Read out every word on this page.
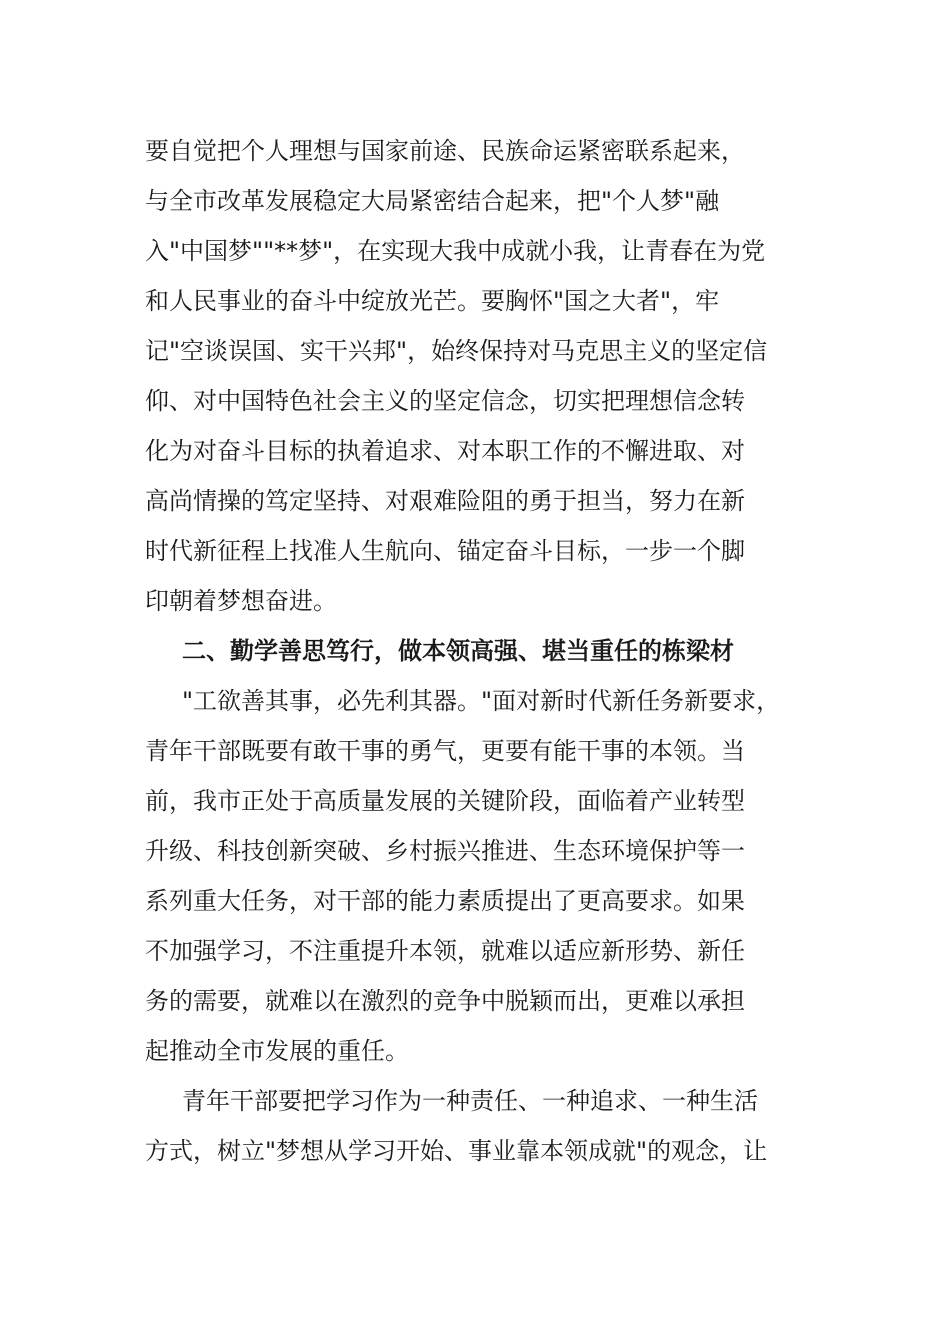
要自觉把个人理想与国家前途、民族命运紧密联系起来，
与全市改革发展稳定大局紧密结合起来，把"个人梦"融
入"中国梦""**梦"，在实现大我中成就小我，让青春在为党
和人民事业的奋斗中绽放光芒。要胸怀"国之大者"，牢
记"空谈误国、实干兴邦"，始终保持对马克思主义的坚定信
仰、对中国特色社会主义的坚定信念，切实把理想信念转
化为对奋斗目标的执着追求、对本职工作的不懈进取、对
高尚情操的笃定坚持、对艰难险阻的勇于担当，努力在新
时代新征程上找准人生航向、锚定奋斗目标，一步一个脚
印朝着梦想奋进。
二、勤学善思笃行，做本领高强、堪当重任的栋梁材
"工欲善其事，必先利其器。"面对新时代新任务新要求，
青年干部既要有敢干事的勇气，更要有能干事的本领。当
前，我市正处于高质量发展的关键阶段，面临着产业转型
升级、科技创新突破、乡村振兴推进、生态环境保护等一
系列重大任务，对干部的能力素质提出了更高要求。如果
不加强学习，不注重提升本领，就难以适应新形势、新任
务的需要，就难以在激烈的竞争中脱颖而出，更难以承担
起推动全市发展的重任。
青年干部要把学习作为一种责任、一种追求、一种生活
方式，树立"梦想从学习开始、事业靠本领成就"的观念，让
